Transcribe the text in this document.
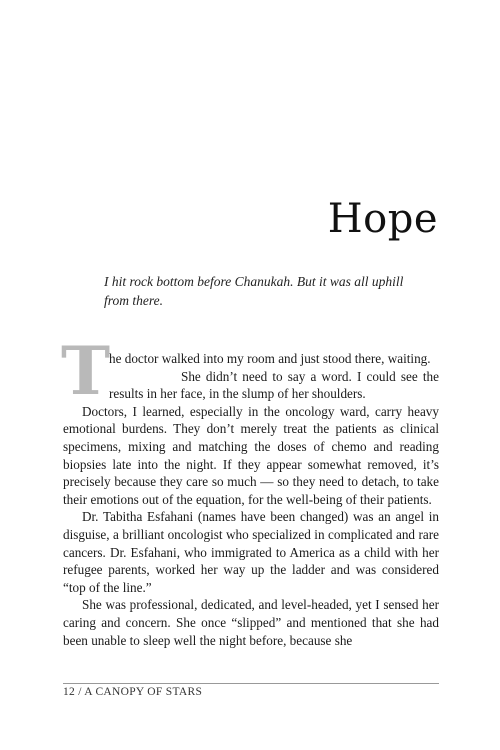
Hope

I hit rock bottom before Chanukah. But it was all uphill from there.

T
he doctor walked into my room and just stood there, waiting.

She didn’t need to say a word. I could see the results in her face, in the slump of her shoulders.

Doctors, I learned, especially in the oncology ward, carry heavy emotional burdens. They don’t merely treat the patients as clinical specimens, mixing and matching the doses of chemo and reading biopsies late into the night. If they appear somewhat removed, it’s precisely because they care so much — so they need to detach, to take their emotions out of the equation, for the well-being of their patients.

Dr. Tabitha Esfahani (names have been changed) was an angel in disguise, a brilliant oncologist who specialized in complicated and rare cancers. Dr. Esfahani, who immigrated to America as a child with her refugee parents, worked her way up the ladder and was considered “top of the line.”

She was professional, dedicated, and level-headed, yet I sensed her caring and concern. She once “slipped” and mentioned that she had been unable to sleep well the night before, because she

12 / A CANOPY OF STARS
